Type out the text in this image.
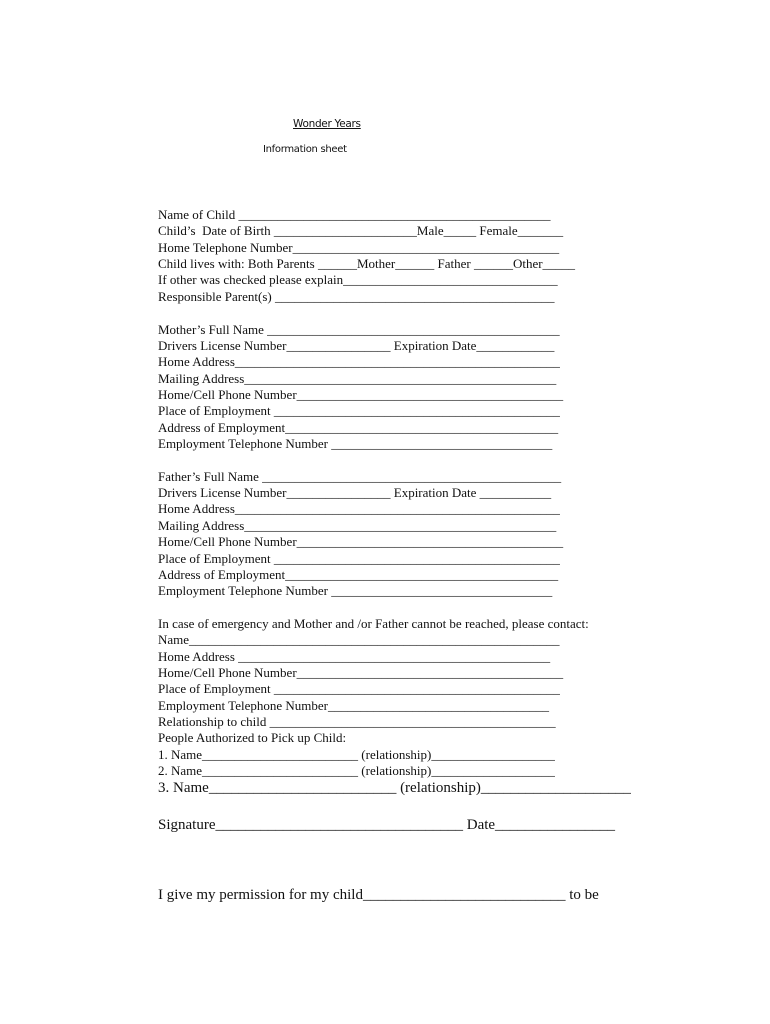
Wonder Years
Information sheet
Name of Child ________________________________________________
Child’s  Date of Birth ______________________Male_____ Female_______
Home Telephone Number_________________________________________
Child lives with: Both Parents ______Mother______ Father ______Other_____
If other was checked please explain_________________________________
Responsible Parent(s) ___________________________________________
Mother’s Full Name _____________________________________________
Drivers License Number________________ Expiration Date____________
Home Address__________________________________________________
Mailing Address________________________________________________
Home/Cell Phone Number_________________________________________
Place of Employment ____________________________________________
Address of Employment__________________________________________
Employment Telephone Number __________________________________
Father’s Full Name ______________________________________________
Drivers License Number________________ Expiration Date ___________
Home Address__________________________________________________
Mailing Address________________________________________________
Home/Cell Phone Number_________________________________________
Place of Employment ____________________________________________
Address of Employment__________________________________________
Employment Telephone Number __________________________________
In case of emergency and Mother and /or Father cannot be reached, please contact:
Name_________________________________________________________
Home Address ________________________________________________
Home/Cell Phone Number_________________________________________
Place of Employment ____________________________________________
Employment Telephone Number__________________________________
Relationship to child ____________________________________________
People Authorized to Pick up Child:
1. Name________________________ (relationship)___________________
2. Name________________________ (relationship)___________________
3. Name_________________________ (relationship)____________________
Signature_________________________________ Date________________
I give my permission for my child___________________________ to be
